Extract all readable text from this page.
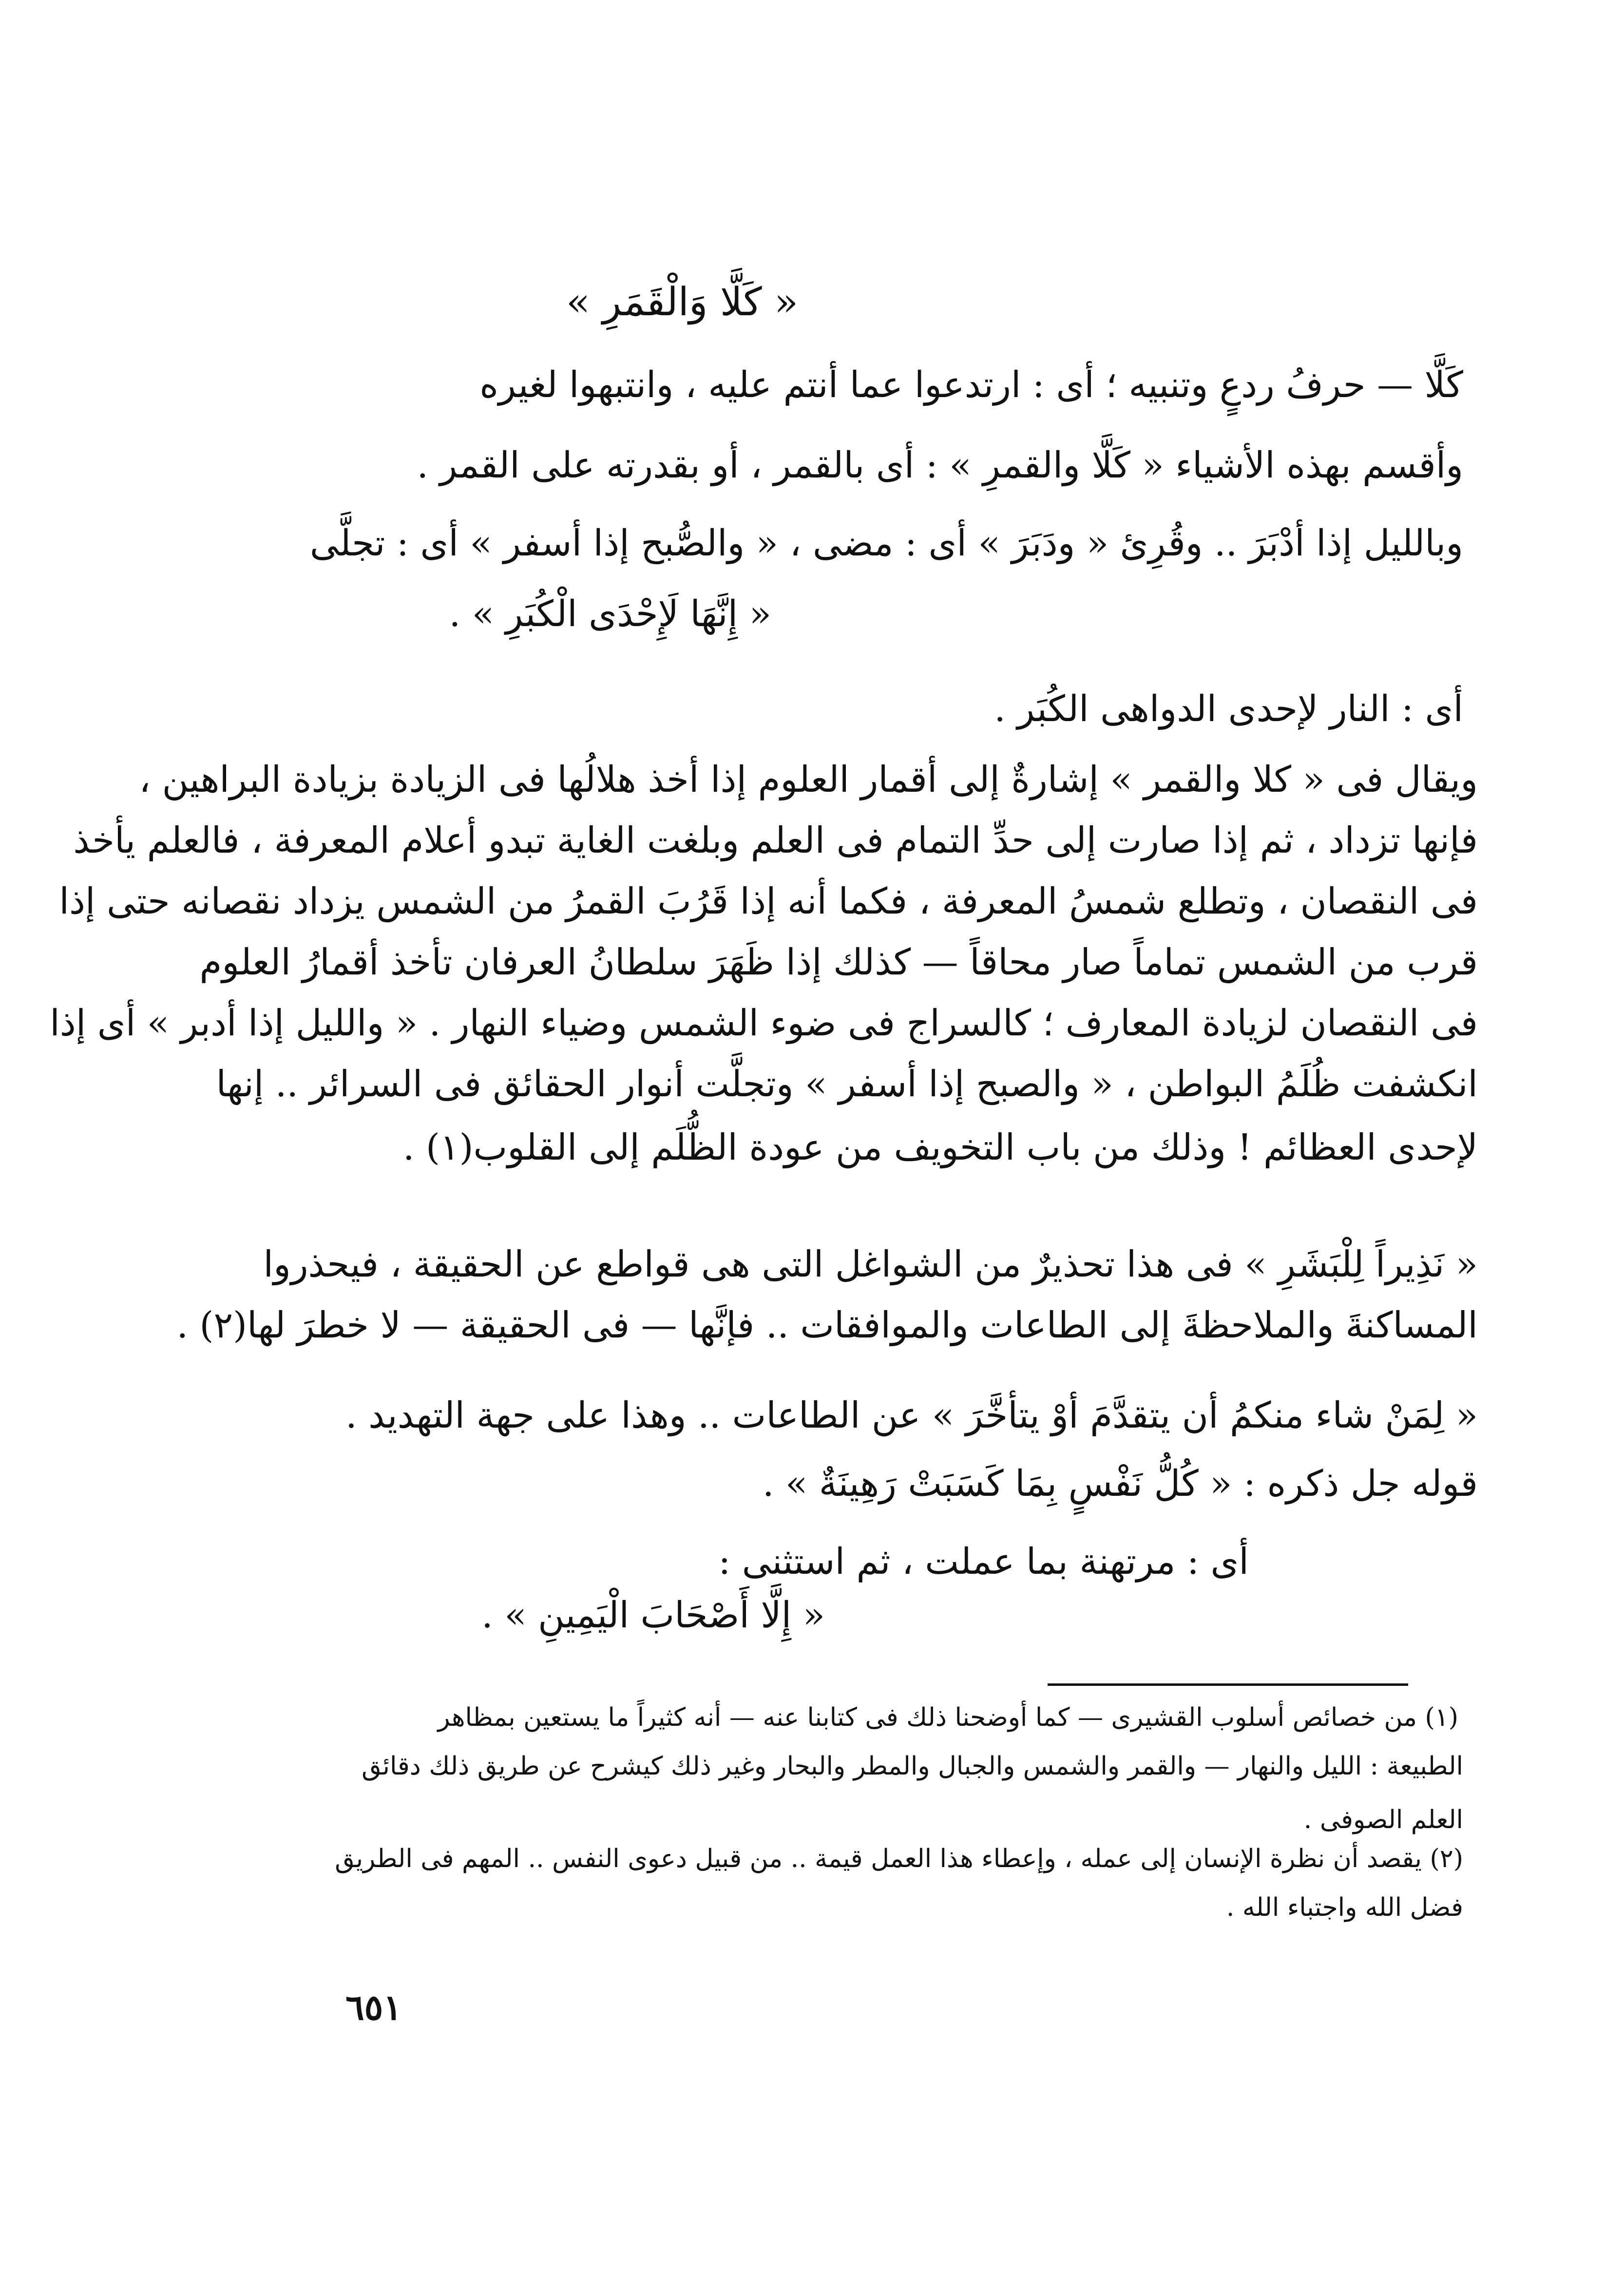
« كَلَّا وَالْقَمَرِ »
كَلَّا — حرفُ ردعٍ وتنبيه ؛ أى : ارتدعوا عما أنتم عليه ، وانتبهوا لغيره
وأقسم بهذه الأشياء « كَلَّا والقمرِ » : أى بالقمر ، أو بقدرته على القمر .
وبالليل إذا أدْبَرَ .. وقُرِئ « ودَبَرَ » أى : مضى ، « والصُّبح إذا أسفر » أى : تجلَّى
« إِنَّهَا لَإِحْدَى الْكُبَرِ » .
أى : النار لإحدى الدواهى الكُبَر .
ويقال فى « كلا والقمر » إشارةٌ إلى أقمار العلوم إذا أخذ هلالُها فى الزيادة بزيادة البراهين ،
فإنها تزداد ، ثم إذا صارت إلى حدِّ التمام فى العلم وبلغت الغاية تبدو أعلام المعرفة ، فالعلم يأخذ
فى النقصان ، وتطلع شمسُ المعرفة ، فكما أنه إذا قَرُبَ القمرُ من الشمس يزداد نقصانه حتى إذا
قرب من الشمس تماماً صار محاقاً — كذلك إذا ظَهَرَ سلطانُ العرفان تأخذ أقمارُ العلوم
فى النقصان لزيادة المعارف ؛ كالسراج فى ضوء الشمس وضياء النهار . « والليل إذا أدبر » أى إذا
انكشفت ظُلَمُ البواطن ، « والصبح إذا أسفر » وتجلَّت أنوار الحقائق فى السرائر .. إنها
لإحدى العظائم ! وذلك من باب التخويف من عودة الظُّلَم إلى القلوب(١) .
« نَذِيراً لِلْبَشَرِ » فى هذا تحذيرٌ من الشواغل التى هى قواطع عن الحقيقة ، فيحذروا
المساكنةَ والملاحظةَ إلى الطاعات والموافقات .. فإنَّها — فى الحقيقة — لا خطرَ لها(٢) .
« لِمَنْ شاء منكمُ أن يتقدَّمَ أوْ يتأخَّرَ » عن الطاعات .. وهذا على جهة التهديد .
قوله جل ذكره : « كُلُّ نَفْسٍ بِمَا كَسَبَتْ رَهِينَةٌ » .
أى : مرتهنة بما عملت ، ثم استثنى :
« إِلَّا أَصْحَابَ الْيَمِينِ » .
(١) من خصائص أسلوب القشيرى — كما أوضحنا ذلك فى كتابنا عنه — أنه كثيراً ما يستعين بمظاهر
الطبيعة : الليل والنهار — والقمر والشمس والجبال والمطر والبحار وغير ذلك كيشرح عن طريق ذلك دقائق
العلم الصوفى .
(٢) يقصد أن نظرة الإنسان إلى عمله ، وإعطاء هذا العمل قيمة .. من قبيل دعوى النفس .. المهم فى الطريق
فضل الله واجتباء الله .
٦٥١
